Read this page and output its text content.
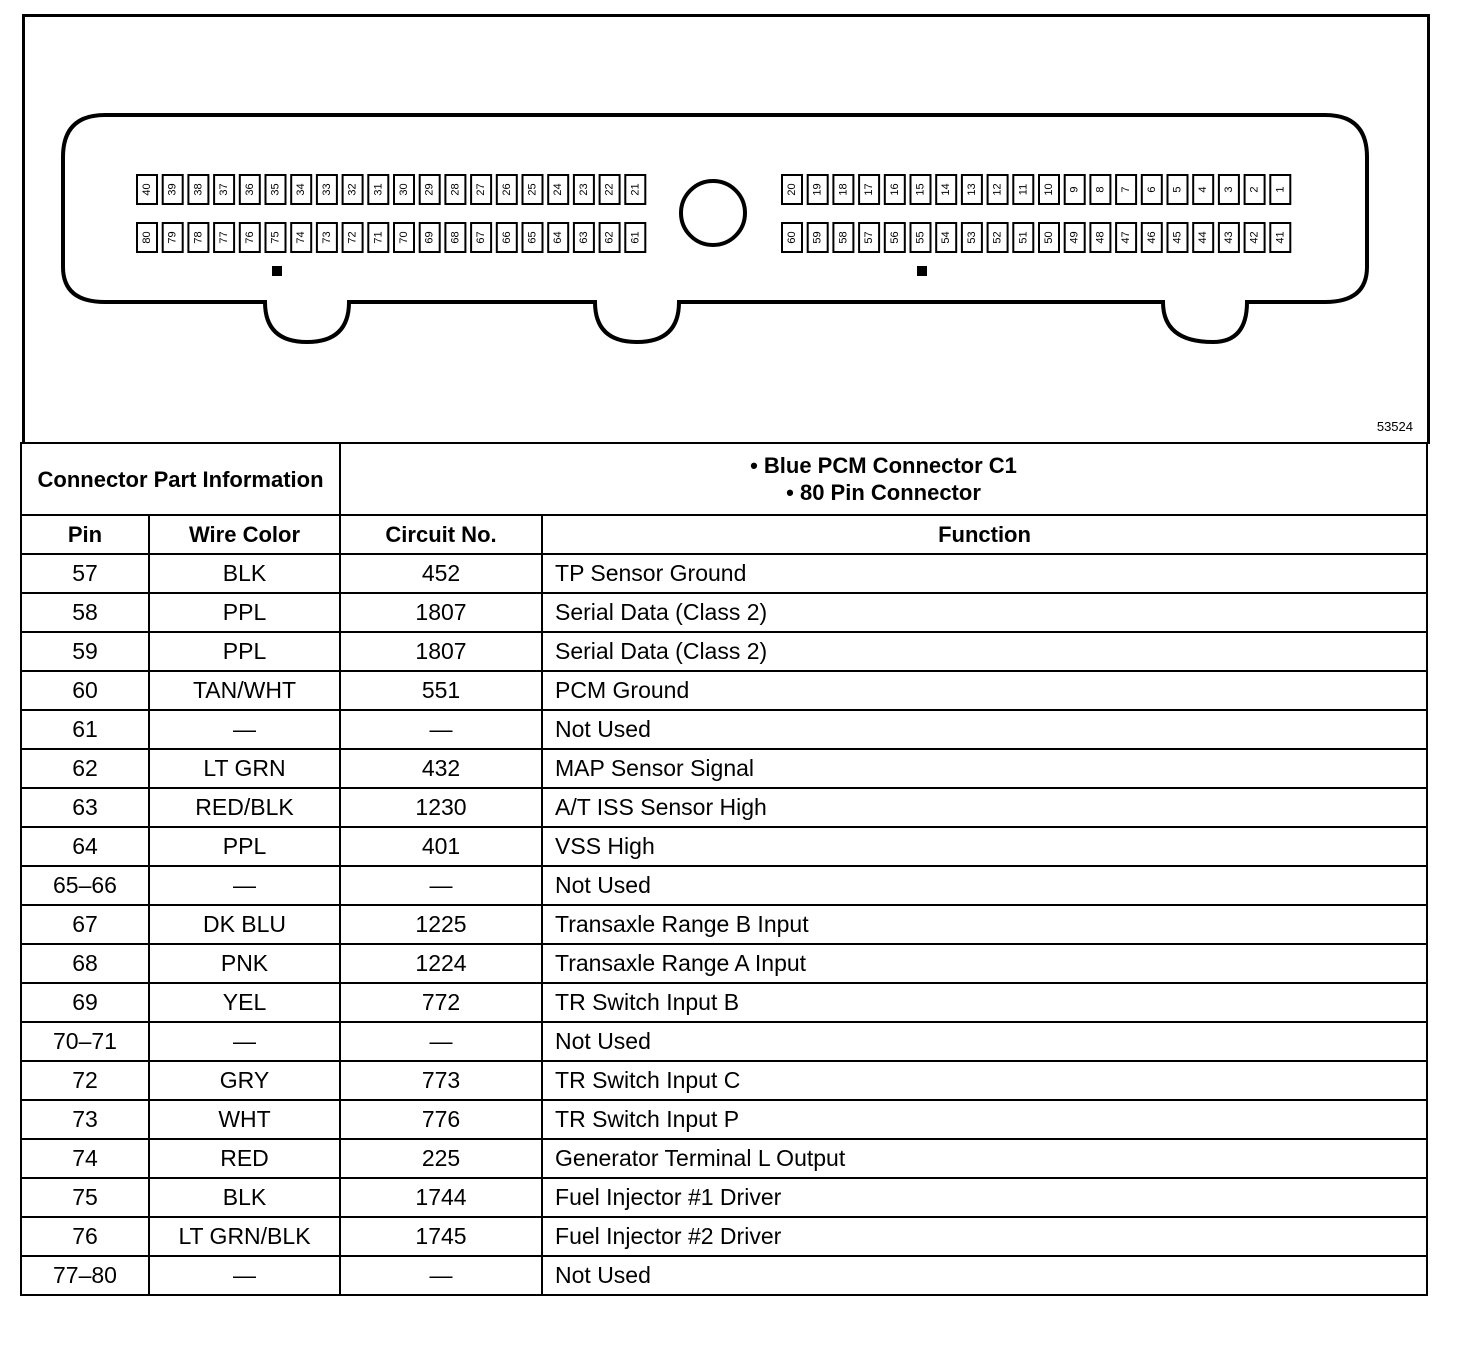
40 39 38 37 36 35 34 33 32 31 30 29 28 27 26 25 24 23 22 21
80 79 78 77 76 75 74 73 72 71 70 69 68 67 66 65 64 63 62 61
20 19 18 17 16 15 14 13 12 11 10 9 8 7 6 5 4 3 2 1
60 59 58 57 56 55 54 53 52 51 50 49 48 47 46 45 44 43 42 41
53524
Connector Part Information		• Blue PCM Connector C1
• 80 Pin Connector	

Pin	Wire Color	Circuit No.	Function
57	BLK	452	TP Sensor Ground
58	PPL	1807	Serial Data (Class 2)
59	PPL	1807	Serial Data (Class 2)
60	TAN/WHT	551	PCM Ground
61	—	—	Not Used
62	LT GRN	432	MAP Sensor Signal
63	RED/BLK	1230	A/T ISS Sensor High
64	PPL	401	VSS High
65–66	—	—	Not Used
67	DK BLU	1225	Transaxle Range B Input
68	PNK	1224	Transaxle Range A Input
69	YEL	772	TR Switch Input B
70–71	—	—	Not Used
72	GRY	773	TR Switch Input C
73	WHT	776	TR Switch Input P
74	RED	225	Generator Terminal L Output
75	BLK	1744	Fuel Injector #1 Driver
76	LT GRN/BLK	1745	Fuel Injector #2 Driver
77–80	—	—	Not Used
